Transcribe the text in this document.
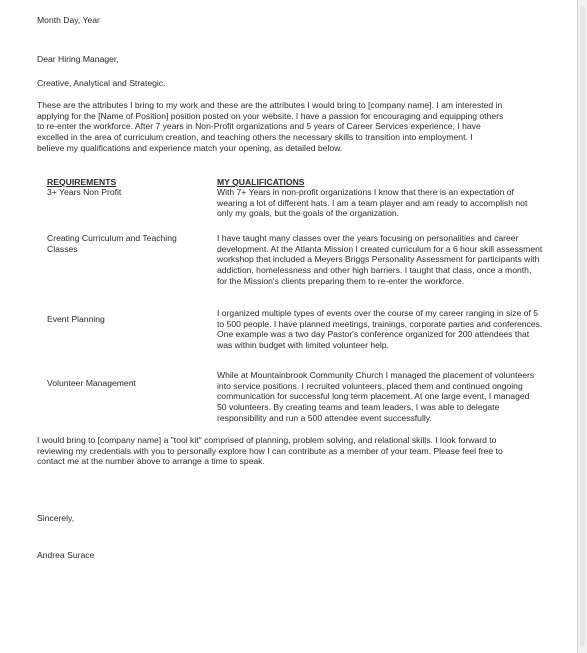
Month Day, Year
Dear Hiring Manager,
Creative, Analytical and Strategic.
These are the attributes I bring to my work and these are the attributes I would bring to [company name]. I am interested in
applying for the [Name of Position] position posted on your website. I have a passion for encouraging and equipping others
to re-enter the workforce. After 7 years in Non-Profit organizations and 5 years of Career Services experience, I have
excelled in the area of curriculum creation, and teaching others the necessary skills to transition into employment. I
believe my qualifications and experience match your opening, as detailed below.
REQUIREMENTS	MY QUALIFICATIONS
3+ Years Non Profit	With 7+ Years in non-profit organizations I know that there is an expectation of
wearing a lot of different hats. I am a team player and am ready to accomplish not
only my goals, but the goals of the organization.
Creating Curriculum and Teaching
Classes
I have taught many classes over the years focusing on personalities and career
development. At the Atlanta Mission I created curriculum for a 6 hour skill assessment
workshop that included a Meyers Briggs Personality Assessment for participants with
addiction, homelessness and other high barriers. I taught that class, once a month,
for the Mission's clients preparing them to re-enter the workforce.
Event Planning
I organized multiple types of events over the course of my career ranging in size of 5
to 500 people. I have planned meetings, trainings, corporate parties and conferences.
One example was a two day Pastor's conference organized for 200 attendees that
was within budget with limited volunteer help.
Volunteer Management
While at Mountainbrook Community Church I managed the placement of volunteers
into service positions. I recruited volunteers, placed them and continued ongoing
communication for successful long term placement. At one large event, I managed
50 volunteers. By creating teams and team leaders, I was able to delegate
responsibility and run a 500 attendee event successfully.
I would bring to [company name] a "tool kit" comprised of planning, problem solving, and relational skills. I look forward to
reviewing my credentials with you to personally explore how I can contribute as a member of your team. Please feel free to
contact me at the number above to arrange a time to speak.
Sincerely,
Andrea Surace
